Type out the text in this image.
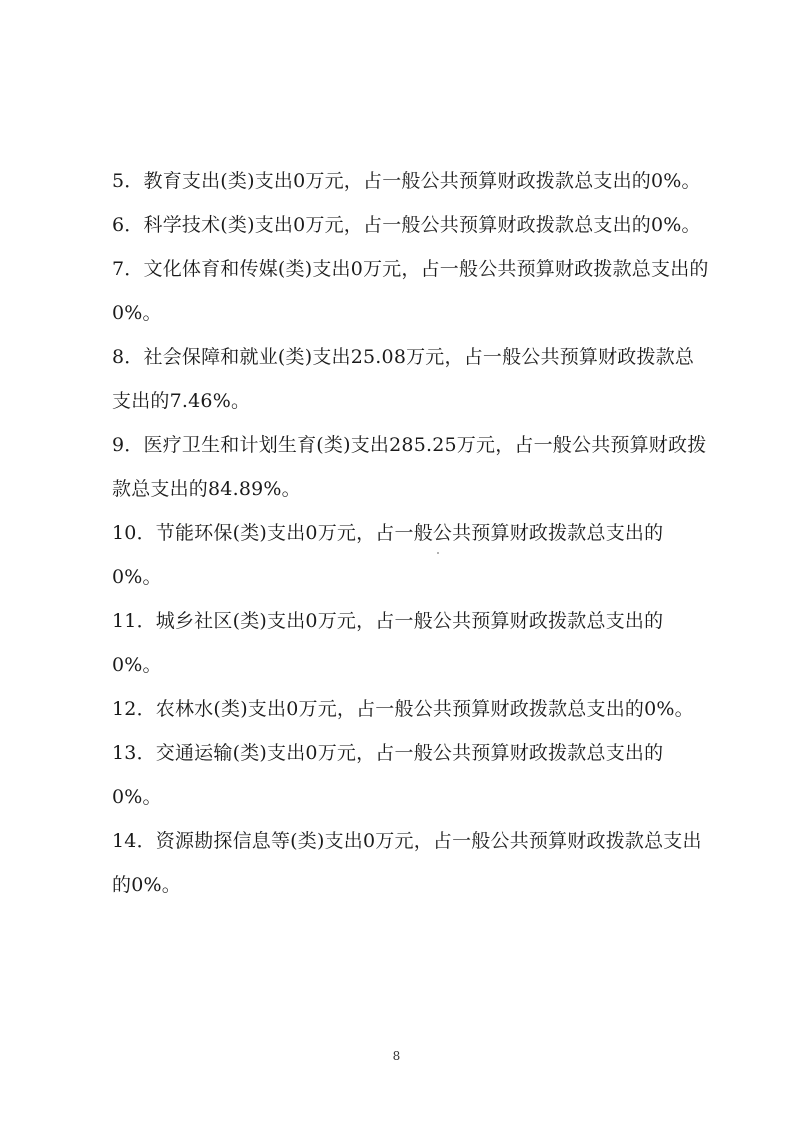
5．教育支出(类)支出0万元，占一般公共预算财政拨款总支出的0%。

6．科学技术(类)支出0万元，占一般公共预算财政拨款总支出的0%。

7．文化体育和传媒(类)支出0万元，占一般公共预算财政拨款总支出的0%。

8．社会保障和就业(类)支出25.08万元，占一般公共预算财政拨款总支出的7.46%。

9．医疗卫生和计划生育(类)支出285.25万元，占一般公共预算财政拨款总支出的84.89%。

10．节能环保(类)支出0万元，占一般公共预算财政拨款总支出的0%。

11．城乡社区(类)支出0万元，占一般公共预算财政拨款总支出的0%。

12．农林水(类)支出0万元，占一般公共预算财政拨款总支出的0%。

13．交通运输(类)支出0万元，占一般公共预算财政拨款总支出的0%。

14．资源勘探信息等(类)支出0万元，占一般公共预算财政拨款总支出的0%。

8
